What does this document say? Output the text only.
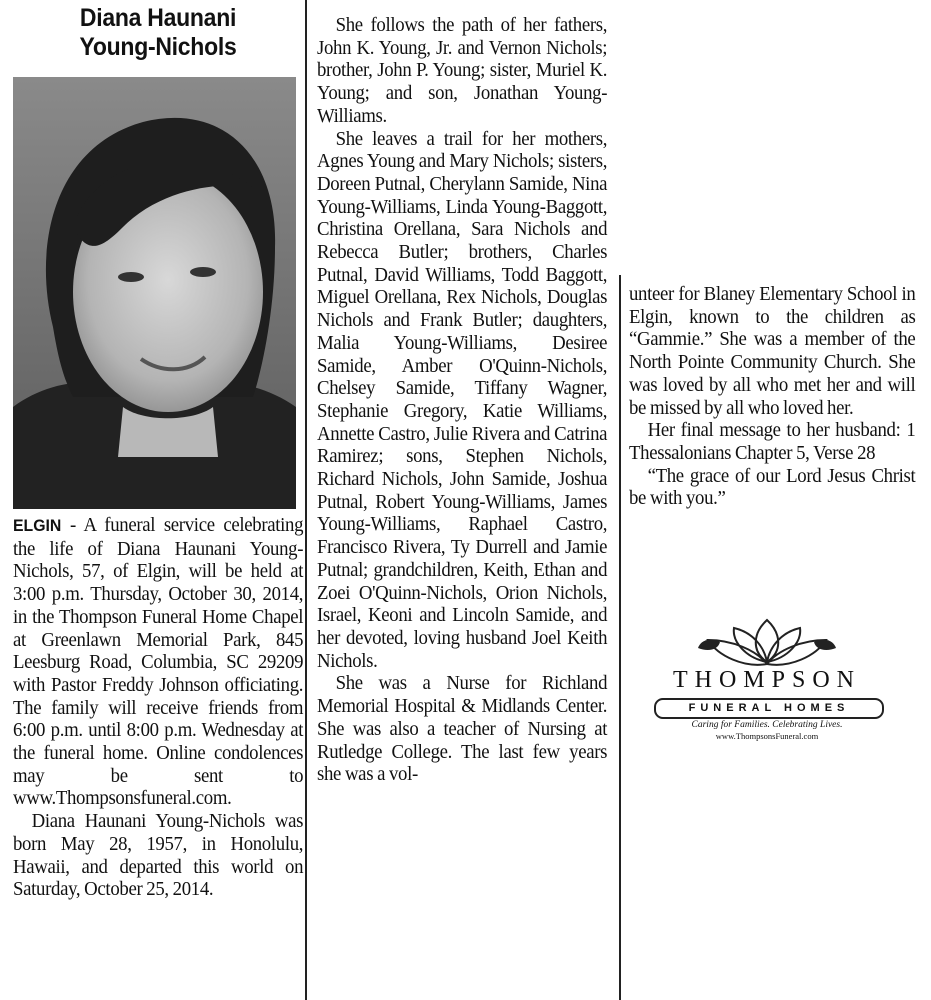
Diana Haunani
Young-Nichols

ELGIN - A funeral service celebrating the life of Diana Haunani Young-Nichols, 57, of Elgin, will be held at 3:00 p.m. Thursday, October 30, 2014, in the Thompson Funeral Home Chapel at Greenlawn Memorial Park, 845 Leesburg Road, Columbia, SC 29209 with Pastor Freddy Johnson officiating. The family will receive friends from 6:00 p.m. until 8:00 p.m. Wednesday at the funeral home. Online condolences may be sent to www.Thompsonsfuneral.com.

Diana Haunani Young-Nichols was born May 28, 1957, in Honolulu, Hawaii, and departed this world on Saturday, October 25, 2014.

She follows the path of her fathers, John K. Young, Jr. and Vernon Nichols; brother, John P. Young; sister, Muriel K. Young; and son, Jonathan Young-Williams.

She leaves a trail for her mothers, Agnes Young and Mary Nichols; sisters, Doreen Putnal, Cherylann Samide, Nina Young-Williams, Linda Young-Baggott, Christina Orellana, Sara Nichols and Rebecca Butler; brothers, Charles Putnal, David Williams, Todd Baggott, Miguel Orellana, Rex Nichols, Douglas Nichols and Frank Butler; daughters, Malia Young-Williams, Desiree Samide, Amber O'Quinn-Nichols, Chelsey Samide, Tiffany Wagner, Stephanie Gregory, Katie Williams, Annette Castro, Julie Rivera and Catrina Ramirez; sons, Stephen Nichols, Richard Nichols, John Samide, Joshua Putnal, Robert Young-Williams, James Young-Williams, Raphael Castro, Francisco Rivera, Ty Durrell and Jamie Putnal; grandchildren, Keith, Ethan and Zoei O'Quinn-Nichols, Orion Nichols, Israel, Keoni and Lincoln Samide, and her devoted, loving husband Joel Keith Nichols.

She was a Nurse for Richland Memorial Hospital & Midlands Center. She was also a teacher of Nursing at Rutledge College. The last few years she was a vol-

unteer for Blaney Elementary School in Elgin, known to the children as “Gammie.” She was a member of the North Pointe Community Church. She was loved by all who met her and will be missed by all who loved her.

Her final message to her husband: 1 Thessalonians Chapter 5, Verse 28

“The grace of our Lord Jesus Christ be with you.”

THOMPSON
FUNERAL HOMES
Caring for Families. Celebrating Lives.
www.ThompsonsFuneral.com
